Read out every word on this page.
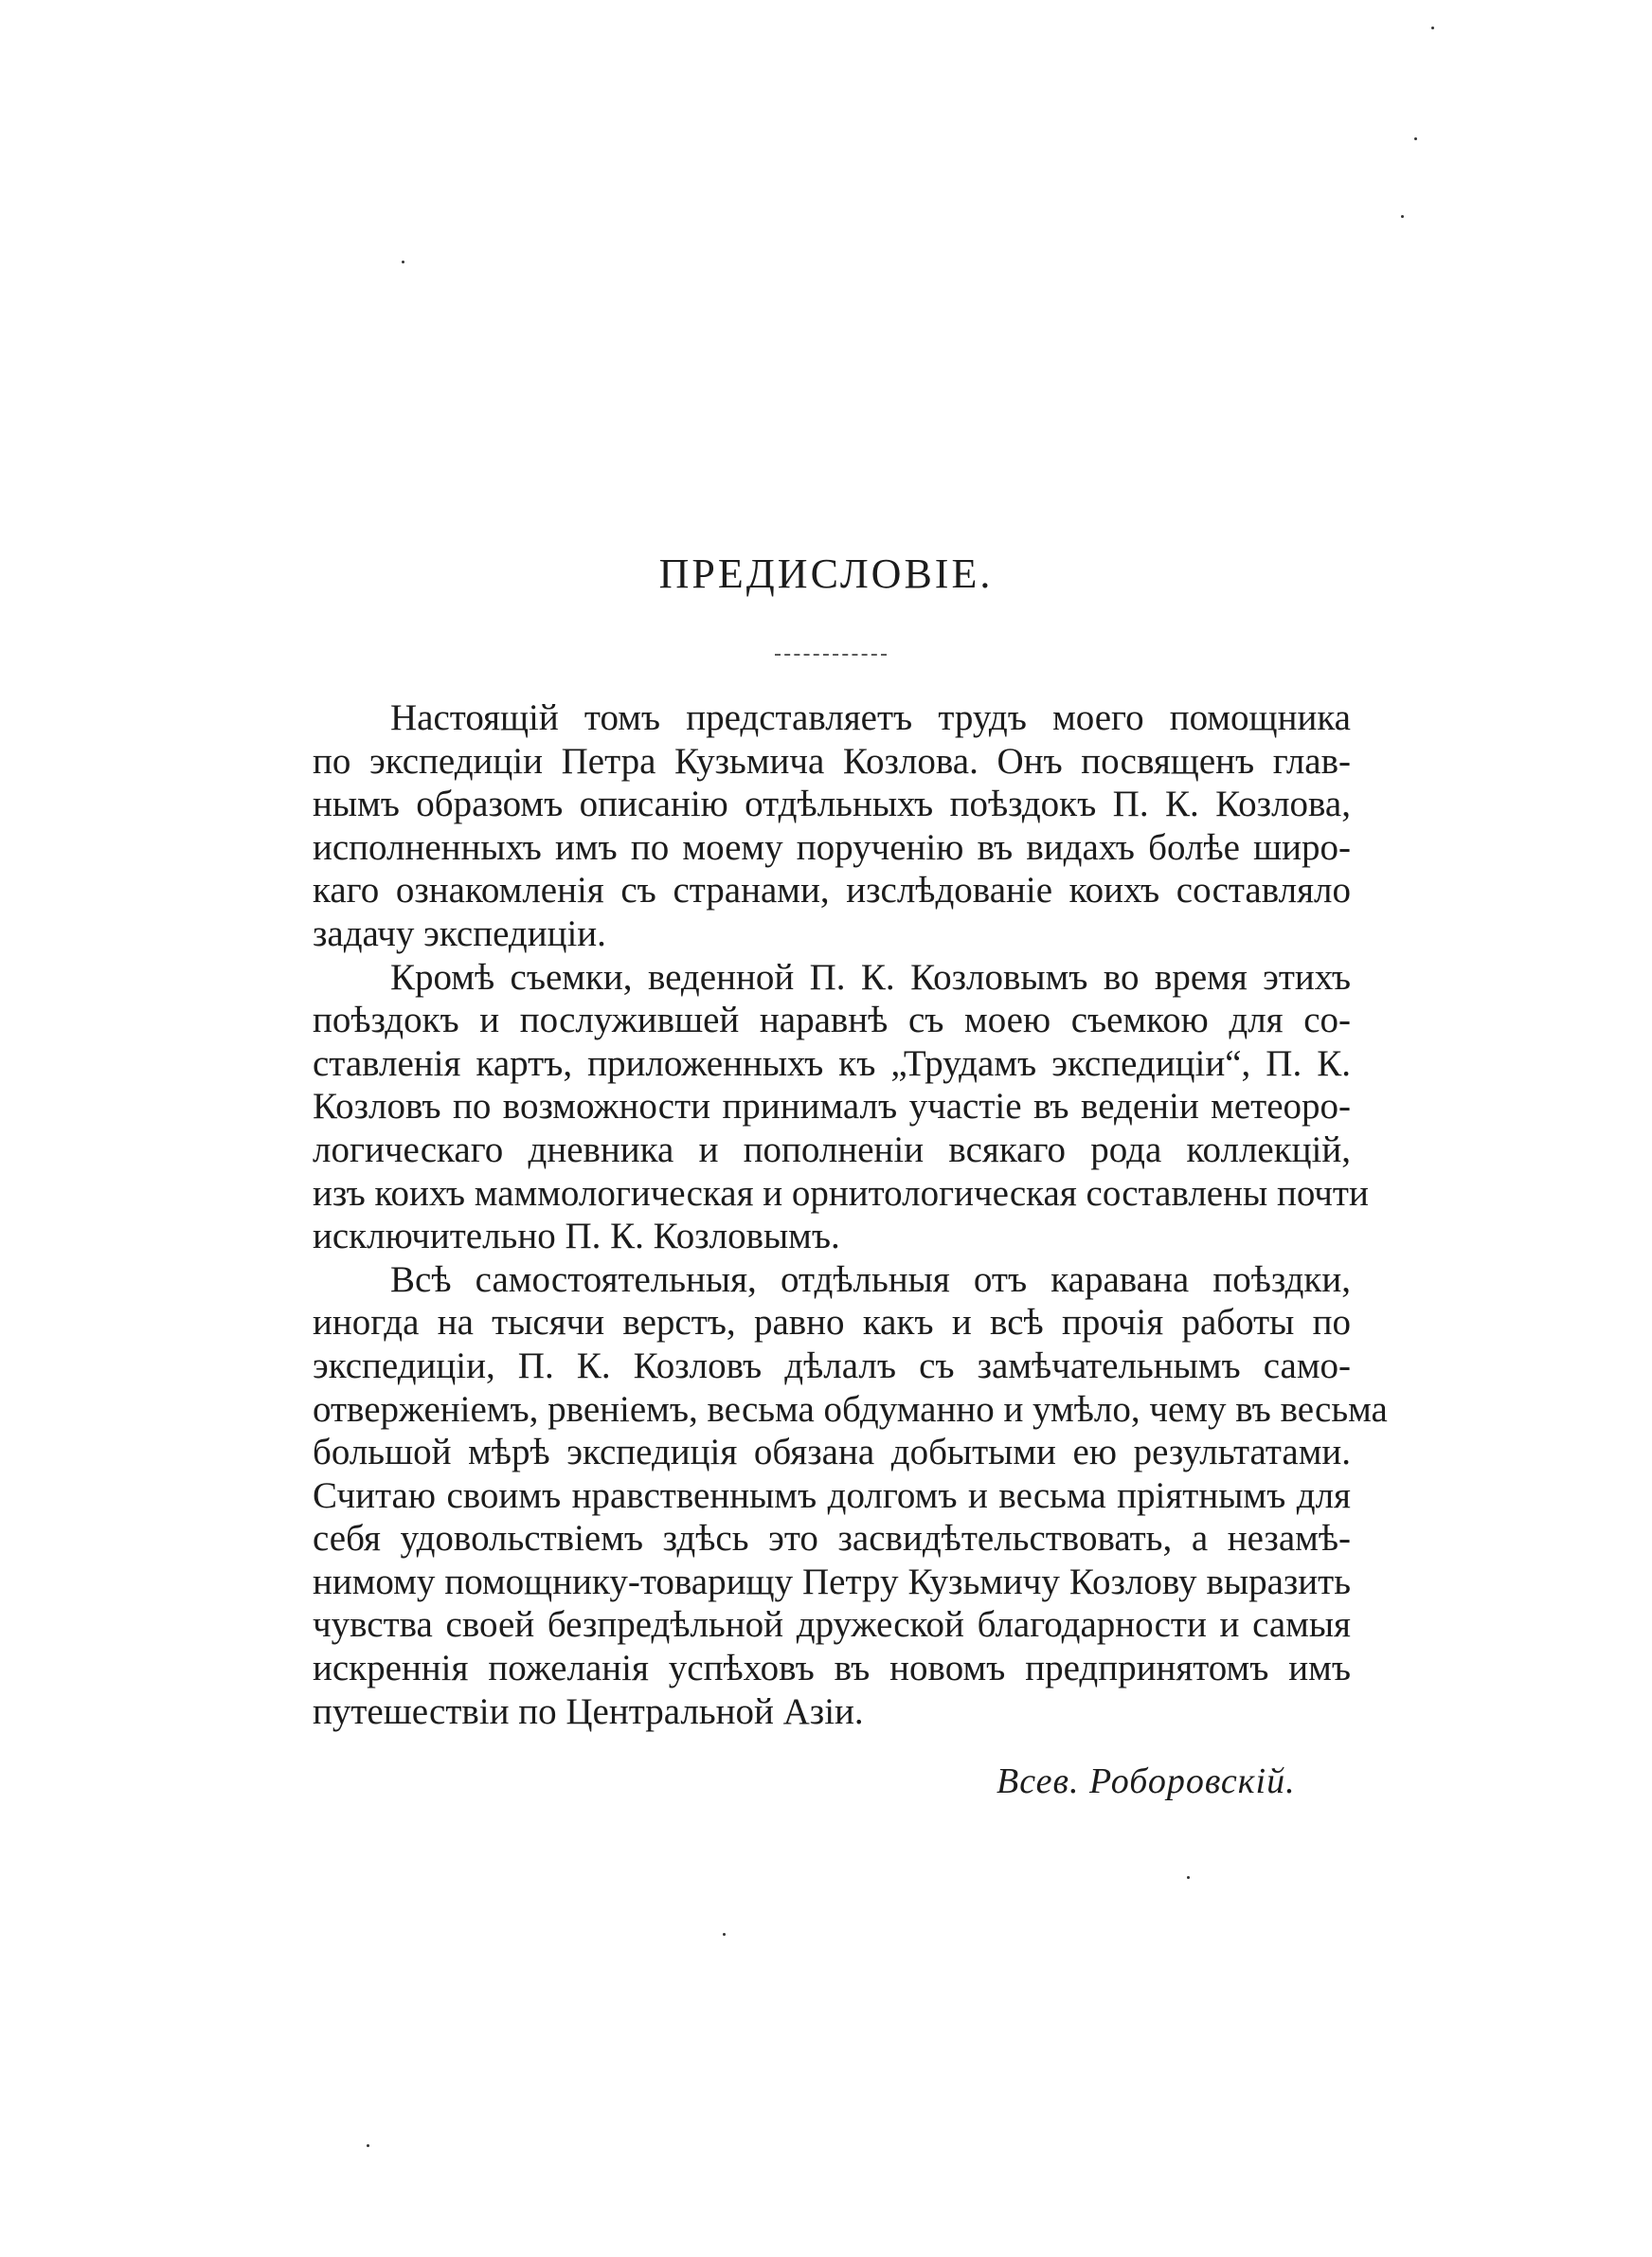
ПРЕДИСЛОВІЕ.
Настоящій томъ представляетъ трудъ моего помощника
по экспедиціи Петра Кузьмича Козлова. Онъ посвященъ глав-
нымъ образомъ описанію отдѣльныхъ поѣздокъ П. К. Козлова,
исполненныхъ имъ по моему порученію въ видахъ болѣе широ-
каго ознакомленія съ странами, изслѣдованіе коихъ составляло
задачу экспедиціи.
Кромѣ съемки, веденной П. К. Козловымъ во время этихъ
поѣздокъ и послужившей наравнѣ съ моею съемкою для со-
ставленія картъ, приложенныхъ къ „Трудамъ экспедиціи“, П. К.
Козловъ по возможности принималъ участіе въ веденіи метеоро-
логическаго дневника и пополненіи всякаго рода коллекцій,
изъ коихъ маммологическая и орнитологическая составлены почти
исключительно П. К. Козловымъ.
Всѣ самостоятельныя, отдѣльныя отъ каравана поѣздки,
иногда на тысячи верстъ, равно какъ и всѣ прочія работы по
экспедиціи, П. К. Козловъ дѣлалъ съ замѣчательнымъ само-
отверженіемъ, рвеніемъ, весьма обдуманно и умѣло, чему въ весьма
большой мѣрѣ экспедиція обязана добытыми ею результатами.
Считаю своимъ нравственнымъ долгомъ и весьма пріятнымъ для
себя удовольствіемъ здѣсь это засвидѣтельствовать, а незамѣ-
нимому помощнику-товарищу Петру Кузьмичу Козлову выразить
чувства своей безпредѣльной дружеской благодарности и самыя
искреннія пожеланія успѣховъ въ новомъ предпринятомъ имъ
путешествіи по Центральной Азіи.
Всев. Роборовскій.
